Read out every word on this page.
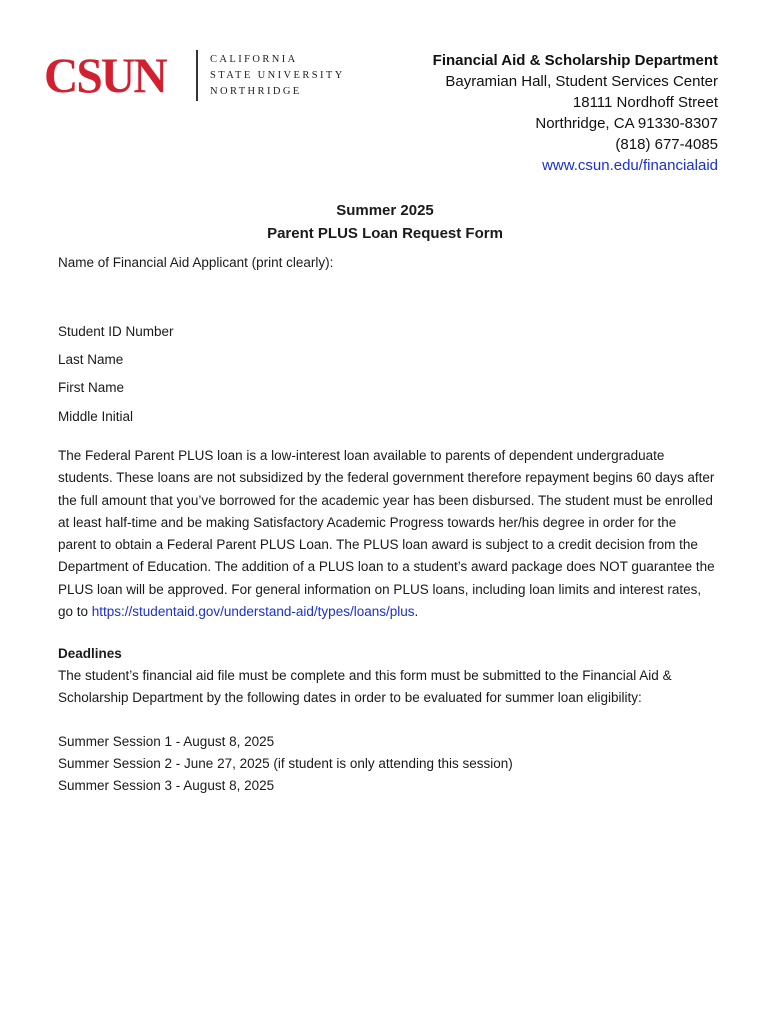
CSUN	CALIFORNIA
STATE UNIVERSITY
NORTHRIDGE
Financial Aid & Scholarship Department
Bayramian Hall, Student Services Center
18111 Nordhoff Street
Northridge, CA 91330-8307
(818) 677-4085
www.csun.edu/financialaid
Summer 2025
Parent PLUS Loan Request Form
Name of Financial Aid Applicant (print clearly):
Student ID Number
Last Name
First Name
Middle Initial
The Federal Parent PLUS loan is a low-interest loan available to parents of dependent undergraduate students. These loans are not subsidized by the federal government therefore repayment begins 60 days after the full amount that you’ve borrowed for the academic year has been disbursed. The student must be enrolled at least half-time and be making Satisfactory Academic Progress towards her/his degree in order for the parent to obtain a Federal Parent PLUS Loan. The PLUS loan award is subject to a credit decision from the Department of Education. The addition of a PLUS loan to a student’s award package does NOT guarantee the PLUS loan will be approved. For general information on PLUS loans, including loan limits and interest rates, go to https://studentaid.gov/understand-aid/types/loans/plus.
Deadlines
The student’s financial aid file must be complete and this form must be submitted to the Financial Aid & Scholarship Department by the following dates in order to be evaluated for summer loan eligibility:
Summer Session 1 - August 8, 2025
Summer Session 2 - June 27, 2025 (if student is only attending this session)
Summer Session 3 - August 8, 2025
